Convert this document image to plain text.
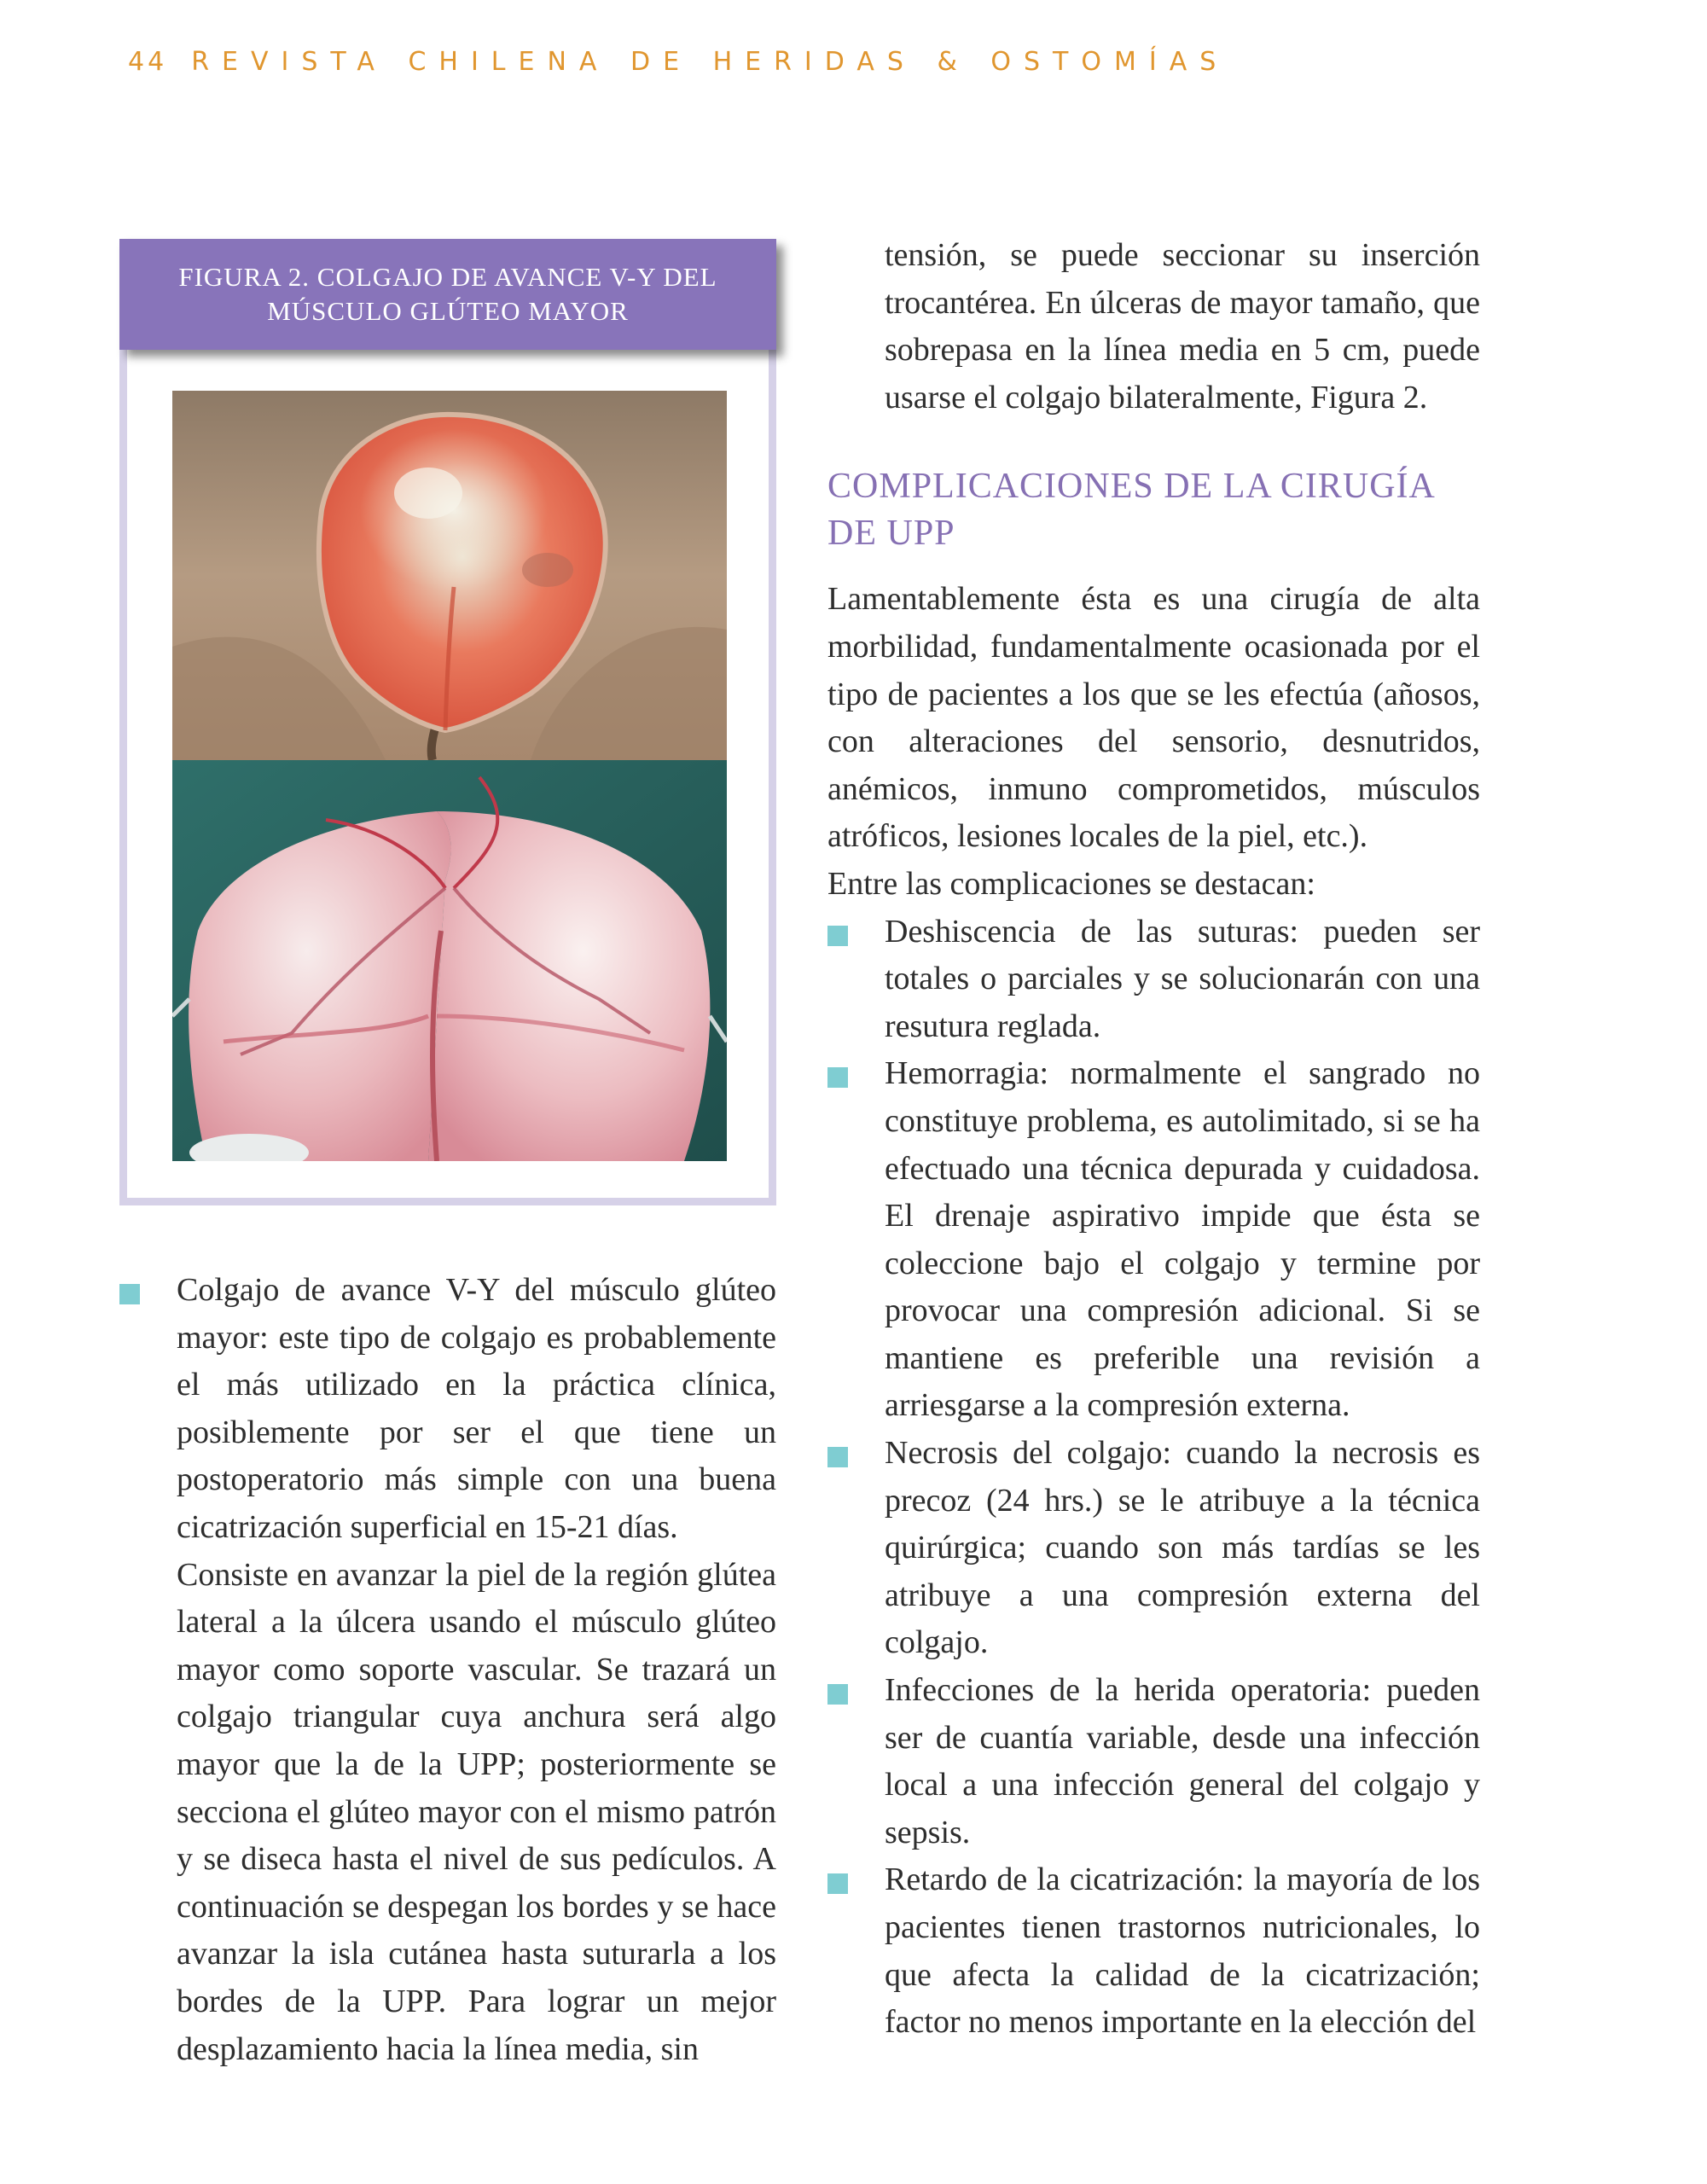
44 REVISTA CHILENA DE HERIDAS & OSTOMÍAS
FIGURA 2. COLGAJO DE AVANCE V-Y DEL
MÚSCULO GLÚTEO MAYOR

tensión, se puede seccionar su inserción trocantérea. En úlceras de mayor tamaño, que sobrepasa en la línea media en 5 cm, puede usarse el colgajo bilateralmente, Figura 2.

COMPLICACIONES DE LA CIRUGÍA DE UPP

Lamentablemente ésta es una cirugía de alta morbilidad, fundamentalmente ocasionada por el tipo de pacientes a los que se les efectúa (añosos, con alteraciones del sensorio, desnutridos, anémicos, inmuno comprometidos, músculos atróficos, lesiones locales de la piel, etc.).

Entre las complicaciones se destacan:

Deshiscencia de las suturas: pueden ser totales o parciales y se solucionarán con una resutura reglada.
Hemorragia: normalmente el sangrado no constituye problema, es autolimitado, si se ha efectuado una técnica depurada y cuidadosa. El drenaje aspirativo impide que ésta se coleccione bajo el colgajo y termine por provocar una compresión adicional. Si se mantiene es preferible una revisión a arriesgarse a la compresión externa.
Necrosis del colgajo: cuando la necrosis es precoz (24 hrs.) se le atribuye a la técnica quirúrgica; cuando son más tardías se les atribuye a una compresión externa del colgajo.
Infecciones de la herida operatoria: pueden ser de cuantía variable, desde una infección local a una infección general del colgajo y sepsis.
Retardo de la cicatrización: la mayoría de los pacientes tienen trastornos nutricionales, lo que afecta la calidad de la cicatrización; factor no menos importante en la elección del
Colgajo de avance V-Y del músculo glúteo mayor: este tipo de colgajo es probablemente el más utilizado en la práctica clínica, posiblemente por ser el que tiene un postoperatorio más simple con una buena cicatrización superficial en 15-21 días.

Consiste en avanzar la piel de la región glútea lateral a la úlcera usando el músculo glúteo mayor como soporte vascular. Se trazará un colgajo triangular cuya anchura será algo mayor que la de la UPP; posteriormente se secciona el glúteo mayor con el mismo patrón y se diseca hasta el nivel de sus pedículos. A continuación se despegan los bordes y se hace avanzar la isla cutánea hasta suturarla a los bordes de la UPP. Para lograr un mejor desplazamiento hacia la línea media, sin
